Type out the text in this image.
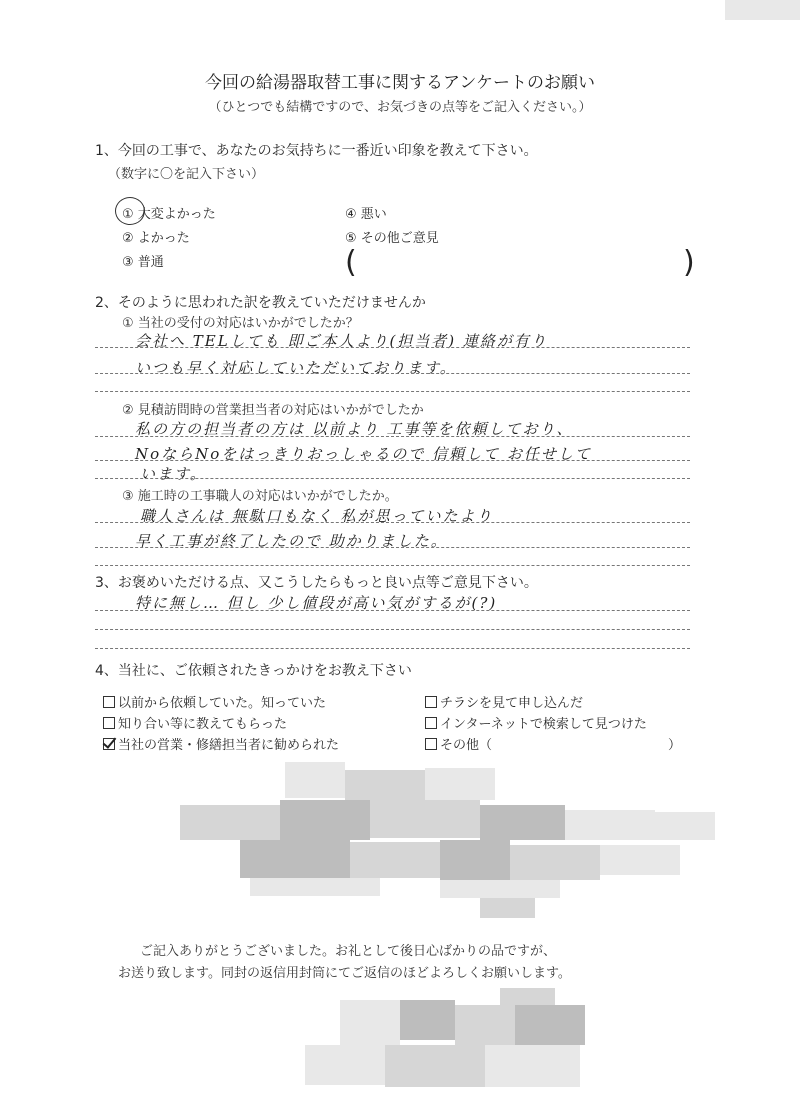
今回の給湯器取替工事に関するアンケートのお願い
（ひとつでも結構ですので、お気づきの点等をご記入ください。）
1、今回の工事で、あなたのお気持ちに一番近い印象を教えて下さい。
（数字に〇を記入下さい）
① 大変よかった
② よかった
③ 普通
④ 悪い
⑤ その他ご意見
(	)
2、そのように思われた訳を教えていただけませんか
① 当社の受付の対応はいかがでしたか？
会社へ TELしても 即ご本人より(担当者) 連絡が有り
いつも早く対応していただいております。
② 見積訪問時の営業担当者の対応はいかがでしたか
私の方の担当者の方は 以前より 工事等を依頼しており、
NoならNoをはっきりおっしゃるので 信頼して お任せして
います。
③ 施工時の工事職人の対応はいかがでしたか。
職人さんは 無駄口もなく 私が思っていたより
早く工事が終了したので 助かりました。
3、お褒めいただける点、又こうしたらもっと良い点等ご意見下さい。
特に無し… 但し 少し値段が高い気がするが(?)
4、当社に、ご依頼されたきっかけをお教え下さい
以前から依頼していた。知っていた
知り合い等に教えてもらった
当社の営業・修繕担当者に勧められた
チラシを見て申し込んだ
インターネットで検索して見つけた
その他（	）
ご記入ありがとうございました。お礼として後日心ばかりの品ですが、
お送り致します。同封の返信用封筒にてご返信のほどよろしくお願いします。
